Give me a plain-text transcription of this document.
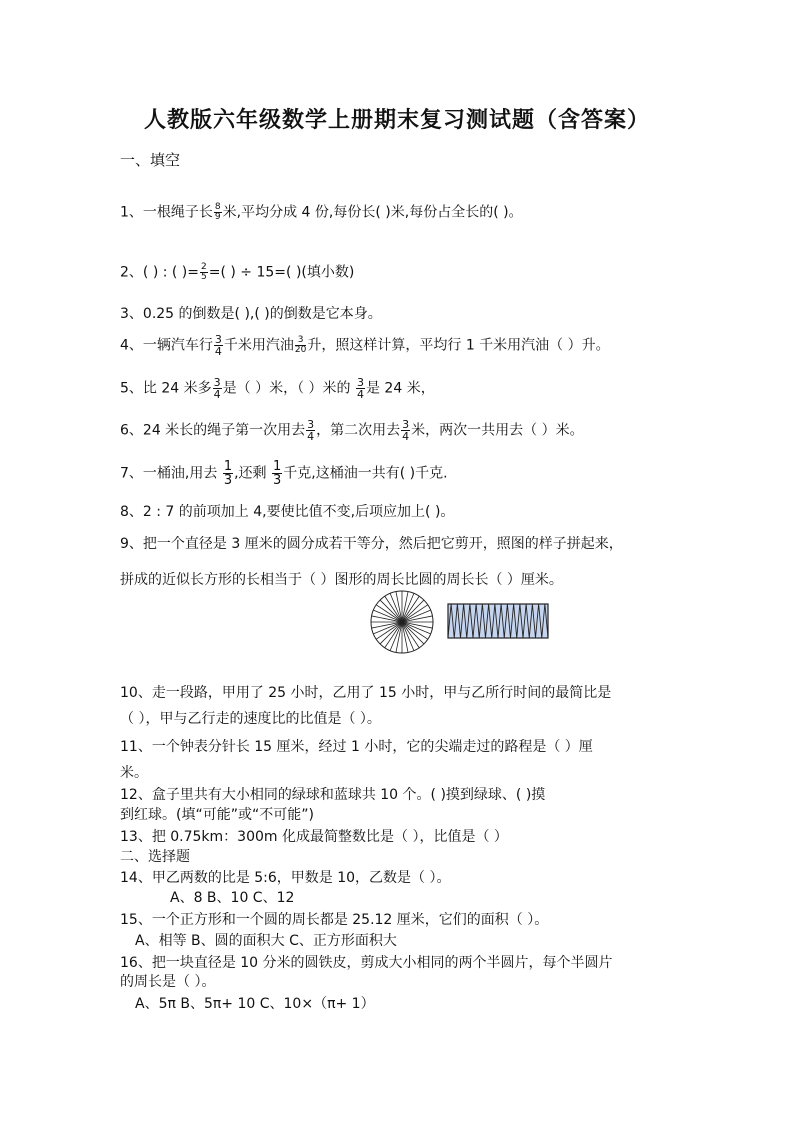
人教版六年级数学上册期末复习测试题（含答案）
一、填空
1、一根绳子长 $\frac{8}{9}$ 米,平均分成 4 份,每份长( )米,每份占全长的( )。
2、( ) : ( )= $\frac{2}{5}$ =( ) ÷ 15=( )(填小数)
3、0.25 的倒数是( ),( )的倒数是它本身。
4、一辆汽车行 $\frac{3}{4}$ 千米用汽油 $\frac{3}{20}$ 升，照这样计算，平均行 1 千米用汽油（ ）升。
5、比 24 米多 $\frac{3}{4}$ 是（ ）米，（ ）米的 $\frac{3}{4}$ 是 24 米，
6、24 米长的绳子第一次用去 $\frac{3}{4}$ ，第二次用去 $\frac{3}{4}$ 米，两次一共用去（ ）米。
7、一桶油,用去 $\frac{1}{3}$ ,还剩 $\frac{1}{3}$ 千克,这桶油一共有( )千克.
8、2 : 7 的前项加上 4,要使比值不变,后项应加上( )。
9、把一个直径是 3 厘米的圆分成若干等分，然后把它剪开，照图的样子拼起来，
拼成的近似长方形的长相当于（ ）图形的周长比圆的周长长（ ）厘米。
10、走一段路，甲用了 25 小时，乙用了 15 小时，甲与乙所行时间的最简比是
（ ），甲与乙行走的速度比的比值是（ ）。
11、一个钟表分针长 15 厘米，经过 1 小时，它的尖端走过的路程是（ ）厘
米。
12、盒子里共有大小相同的绿球和蓝球共 10 个。( )摸到绿球、( )摸
到红球。(填“可能”或“不可能”)
13、把 0.75km：300m 化成最简整数比是（ ），比值是（ ）
二、选择题
14、甲乙两数的比是 5:6，甲数是 10，乙数是（ ）。
A、8 B、10 C、12
15、一个正方形和一个圆的周长都是 25.12 厘米，它们的面积（ ）。
A、相等 B、圆的面积大 C、正方形面积大
16、把一块直径是 10 分米的圆铁皮，剪成大小相同的两个半圆片，每个半圆片
的周长是（ ）。
A、5π B、5π+ 10 C、10×（π+ 1）
